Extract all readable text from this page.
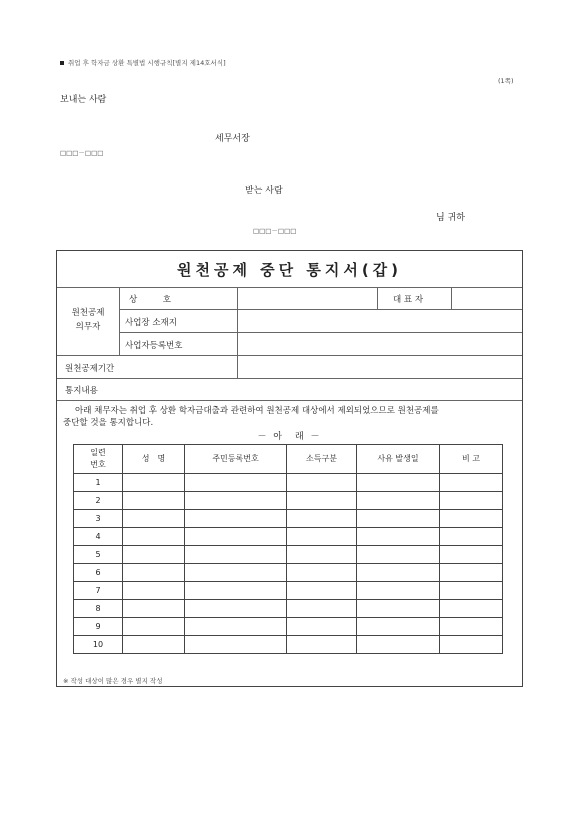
취업 후 학자금 상환 특별법 시행규칙[별지 제14호서식]
(1쪽)
보내는 사람
세무서장
□□□－□□□
받는 사람
님 귀하
□□□－□□□
원천공제 중단 통지서(갑)
원천공제
의무자
상　　　호	대 표 자
사업장 소재지
사업자등록번호
원천공제기간
통지내용
아래 채무자는 취업 후 상환 학자금대출과 관련하여 원천공제 대상에서 제외되었으므로 원천공제를
중단할 것을 통지합니다.
－ 아　래 －
일련
번호	성　명	주민등록번호	소득구분	사유 발생일	비 고
1					
2					
3					
4					
5					
6					
7					
8					
9					
10					
※ 작성 대상이 많은 경우 별지 작성
